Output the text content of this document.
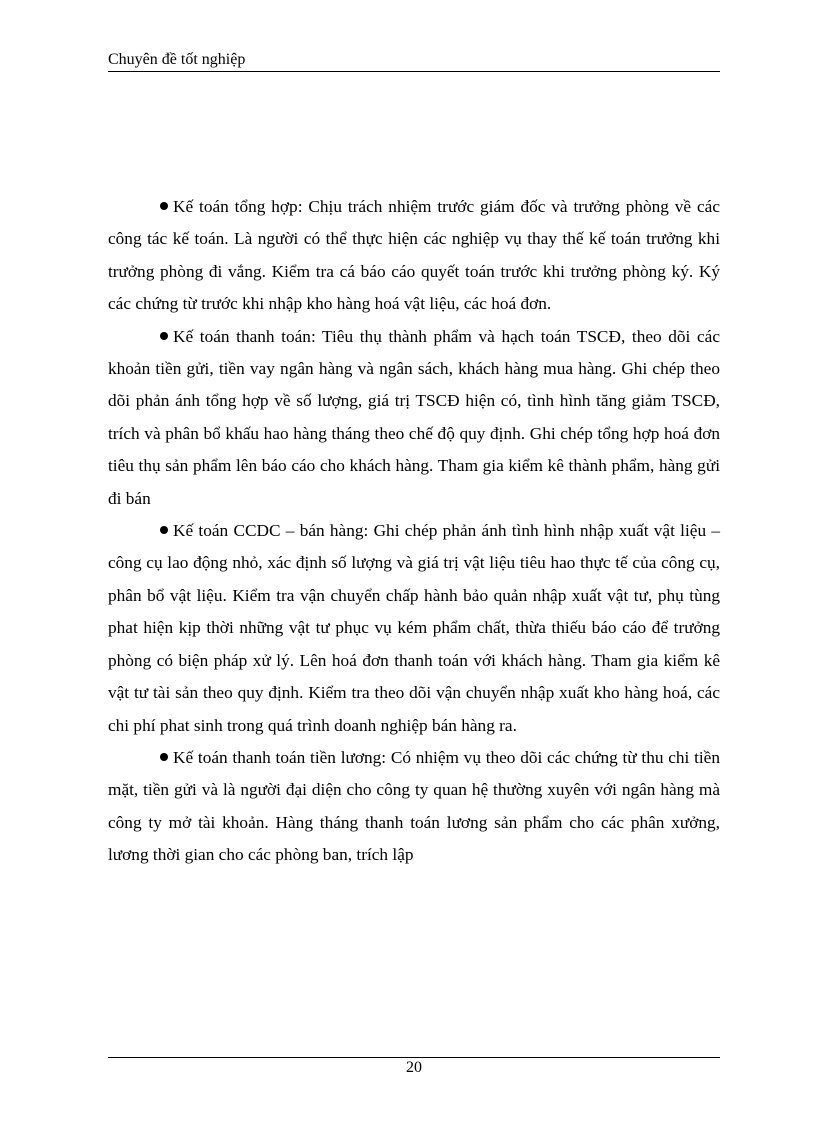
Chuyên đề tốt nghiệp

Kế toán tổng hợp: Chịu trách nhiệm trước giám đốc và trưởng phòng về các công tác kế toán. Là người có thể thực hiện các nghiệp vụ thay thế kế toán trưởng khi trưởng phòng đi vắng. Kiểm tra cá báo cáo quyết toán trước khi trưởng phòng ký. Ký các chứng từ trước khi nhập kho hàng hoá vật liệu, các hoá đơn.

Kế toán thanh toán: Tiêu thụ thành phẩm và hạch toán TSCĐ, theo dõi các khoản tiền gửi, tiền vay ngân hàng và ngân sách, khách hàng mua hàng. Ghi chép theo dõi phản ánh tổng hợp về số lượng, giá trị TSCĐ hiện có, tình hình tăng giảm TSCĐ, trích và phân bổ khấu hao hàng tháng theo chế độ quy định. Ghi chép tổng hợp hoá đơn tiêu thụ sản phẩm lên báo cáo cho khách hàng. Tham gia kiểm kê thành phẩm, hàng gửi đi bán

Kế toán CCDC – bán hàng: Ghi chép phản ánh tình hình nhập xuất vật liệu –công cụ lao động nhỏ, xác định số lượng và giá trị vật liệu tiêu hao thực tế của công cụ, phân bổ vật liệu. Kiểm tra vận chuyển chấp hành bảo quản nhập xuất vật tư, phụ tùng phat hiện kịp thời những vật tư phục vụ kém phẩm chất, thừa thiếu báo cáo để trưởng phòng có biện pháp xử lý. Lên hoá đơn thanh toán với khách hàng. Tham gia kiểm kê vật tư tài sản theo quy định. Kiểm tra theo dõi vận chuyển nhập xuất kho hàng hoá, các chi phí phat sinh trong quá trình doanh nghiệp bán hàng ra.

Kế toán thanh toán tiền lương: Có nhiệm vụ theo dõi các chứng từ thu chi tiền mặt, tiền gửi và là người đại diện cho công ty quan hệ thường xuyên với ngân hàng mà công ty mở tài khoản. Hàng tháng thanh toán lương sản phẩm cho các phân xưởng, lương thời gian cho các phòng ban, trích lập

20
